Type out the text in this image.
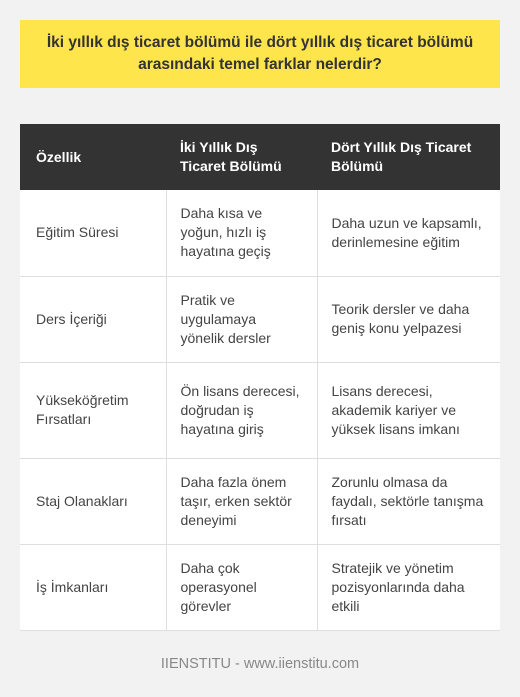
İki yıllık dış ticaret bölümü ile dört yıllık dış ticaret bölümü arasındaki temel farklar nelerdir?
Özellik	İki Yıllık Dış Ticaret Bölümü	Dört Yıllık Dış Ticaret Bölümü
Eğitim Süresi	Daha kısa ve yoğun, hızlı iş hayatına geçiş	Daha uzun ve kapsamlı, derinlemesine eğitim
Ders İçeriği	Pratik ve uygulamaya yönelik dersler	Teorik dersler ve daha geniş konu yelpazesi
Yükseköğretim Fırsatları	Ön lisans derecesi, doğrudan iş hayatına giriş	Lisans derecesi, akademik kariyer ve yüksek lisans imkanı
Staj Olanakları	Daha fazla önem taşır, erken sektör deneyimi	Zorunlu olmasa da faydalı, sektörle tanışma fırsatı
İş İmkanları	Daha çok operasyonel görevler	Stratejik ve yönetim pozisyonlarında daha etkili
IIENSTITU - www.iienstitu.com
